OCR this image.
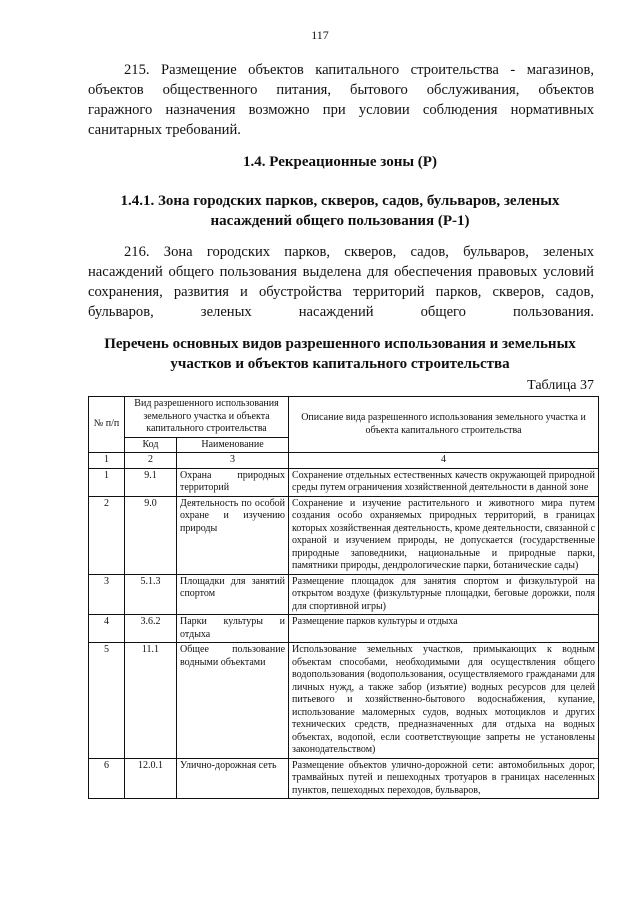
117
215. Размещение объектов капитального строительства - магазинов,
объектов общественного питания, бытового обслуживания, объектов
гаражного назначения возможно при условии соблюдения нормативных
санитарных требований.
1.4. Рекреационные зоны (Р)
1.4.1. Зона городских парков, скверов, садов, бульваров, зеленых
насаждений общего пользования (Р-1)
216. Зона городских парков, скверов, садов, бульваров, зеленых
насаждений общего пользования выделена для обеспечения правовых условий
сохранения, развития и обустройства территорий парков, скверов, садов,
бульваров, зеленых насаждений общего пользования.
Перечень основных видов разрешенного использования и земельных
участков и объектов капитального строительства
Таблица 37
№ п/п	Вид разрешенного использования земельного участка и объекта капитального строительства		Описание вида разрешенного использования земельного участка и объекта капитального строительства
	Код	Наименование	
1	2	3	4
1	9.1	Охрана природных территорий	Сохранение отдельных естественных качеств окружающей природной среды путем ограничения хозяйственной деятельности в данной зоне
2	9.0	Деятельность по особой охране и изучению природы	Сохранение и изучение растительного и животного мира путем создания особо охраняемых природных территорий, в границах которых хозяйственная деятельность, кроме деятельности, связанной с охраной и изучением природы, не допускается (государственные природные заповедники, национальные и природные парки, памятники природы, дендрологические парки, ботанические сады)
3	5.1.3	Площадки для занятий спортом	Размещение площадок для занятия спортом и физкультурой на открытом воздухе (физкультурные площадки, беговые дорожки, поля для спортивной игры)
4	3.6.2	Парки культуры и отдыха	Размещение парков культуры и отдыха
5	11.1	Общее пользование водными объектами	Использование земельных участков, примыкающих к водным объектам способами, необходимыми для осуществления общего водопользования (водопользования, осуществляемого гражданами для личных нужд, а также забор (изъятие) водных ресурсов для целей питьевого и хозяйственно-бытового водоснабжения, купание, использование маломерных судов, водных мотоциклов и других технических средств, предназначенных для отдыха на водных объектах, водопой, если соответствующие запреты не установлены законодательством)
6	12.0.1	Улично-дорожная сеть	Размещение объектов улично-дорожной сети: автомобильных дорог, трамвайных путей и пешеходных тротуаров в границах населенных пунктов, пешеходных переходов, бульваров,
